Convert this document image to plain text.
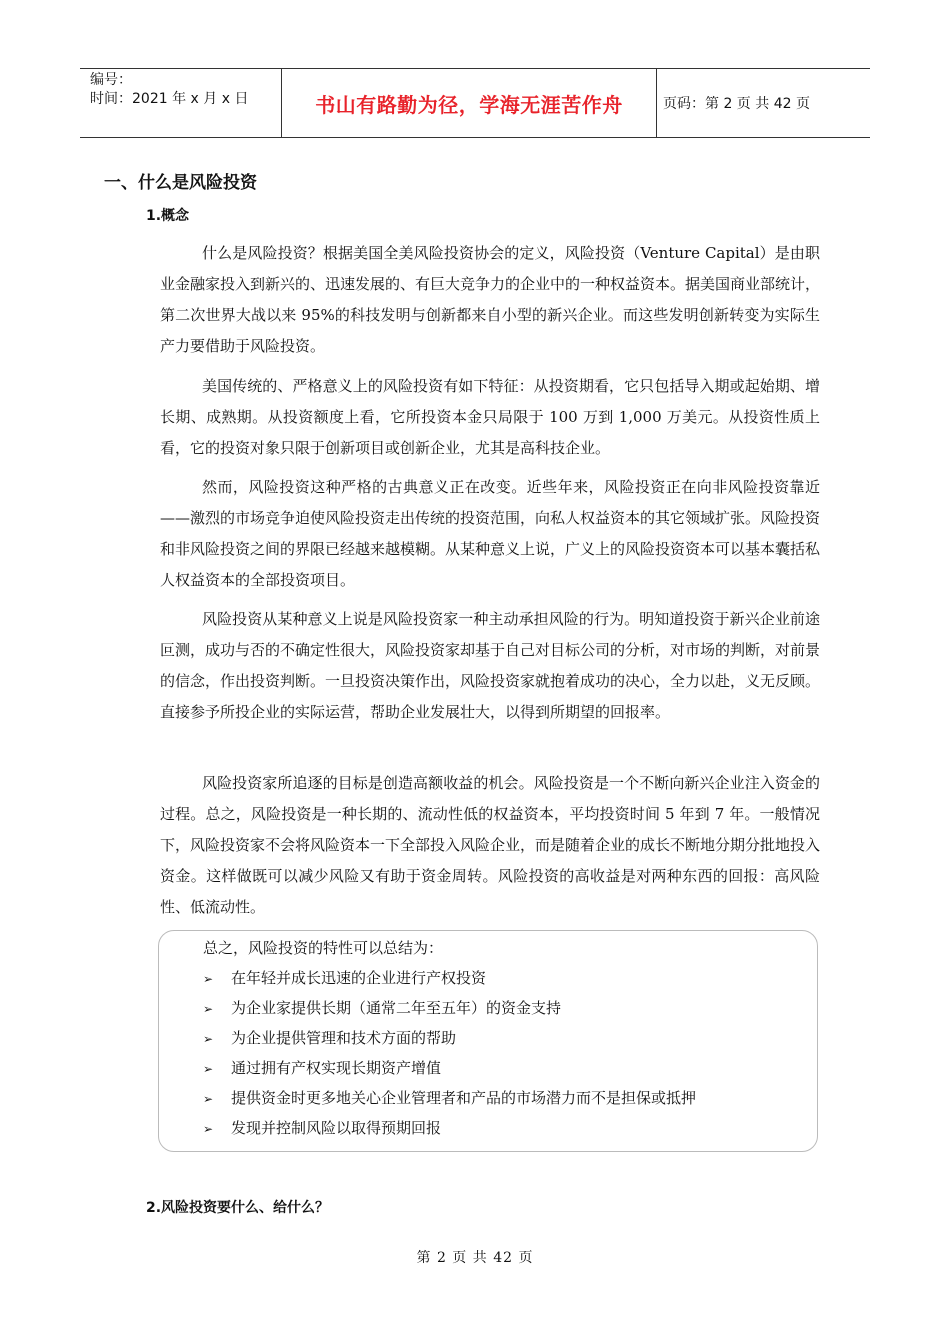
编号：
时间：2021 年 x 月 x 日	书山有路勤为径，学海无涯苦作舟	页码：第 2 页 共 42 页
一、什么是风险投资
1.概念

什么是风险投资？根据美国全美风险投资协会的定义，风险投资（Venture Capital）是由职业金融家投入到新兴的、迅速发展的、有巨大竞争力的企业中的一种权益资本。据美国商业部统计，第二次世界大战以来 95%的科技发明与创新都来自小型的新兴企业。而这些发明创新转变为实际生产力要借助于风险投资。

美国传统的、严格意义上的风险投资有如下特征：从投资期看，它只包括导入期或起始期、增长期、成熟期。从投资额度上看，它所投资本金只局限于 100 万到 1,000 万美元。从投资性质上看，它的投资对象只限于创新项目或创新企业，尤其是高科技企业。

然而，风险投资这种严格的古典意义正在改变。近些年来，风险投资正在向非风险投资靠近——激烈的市场竞争迫使风险投资走出传统的投资范围，向私人权益资本的其它领域扩张。风险投资和非风险投资之间的界限已经越来越模糊。从某种意义上说，广义上的风险投资资本可以基本囊括私人权益资本的全部投资项目。

风险投资从某种意义上说是风险投资家一种主动承担风险的行为。明知道投资于新兴企业前途叵测，成功与否的不确定性很大，风险投资家却基于自己对目标公司的分析，对市场的判断，对前景的信念，作出投资判断。一旦投资决策作出，风险投资家就抱着成功的决心，全力以赴，义无反顾。直接参予所投企业的实际运营，帮助企业发展壮大，以得到所期望的回报率。

风险投资家所追逐的目标是创造高额收益的机会。风险投资是一个不断向新兴企业注入资金的过程。总之，风险投资是一种长期的、流动性低的权益资本，平均投资时间 5 年到 7 年。一般情况下，风险投资家不会将风险资本一下全部投入风险企业，而是随着企业的成长不断地分期分批地投入资金。这样做既可以减少风险又有助于资金周转。风险投资的高收益是对两种东西的回报：高风险性、低流动性。

总之，风险投资的特性可以总结为：
➢ 在年轻并成长迅速的企业进行产权投资
➢ 为企业家提供长期（通常二年至五年）的资金支持
➢ 为企业提供管理和技术方面的帮助
➢ 通过拥有产权实现长期资产增值
➢ 提供资金时更多地关心企业管理者和产品的市场潜力而不是担保或抵押
➢ 发现并控制风险以取得预期回报
2.风险投资要什么、给什么？
第 2 页 共 42 页
